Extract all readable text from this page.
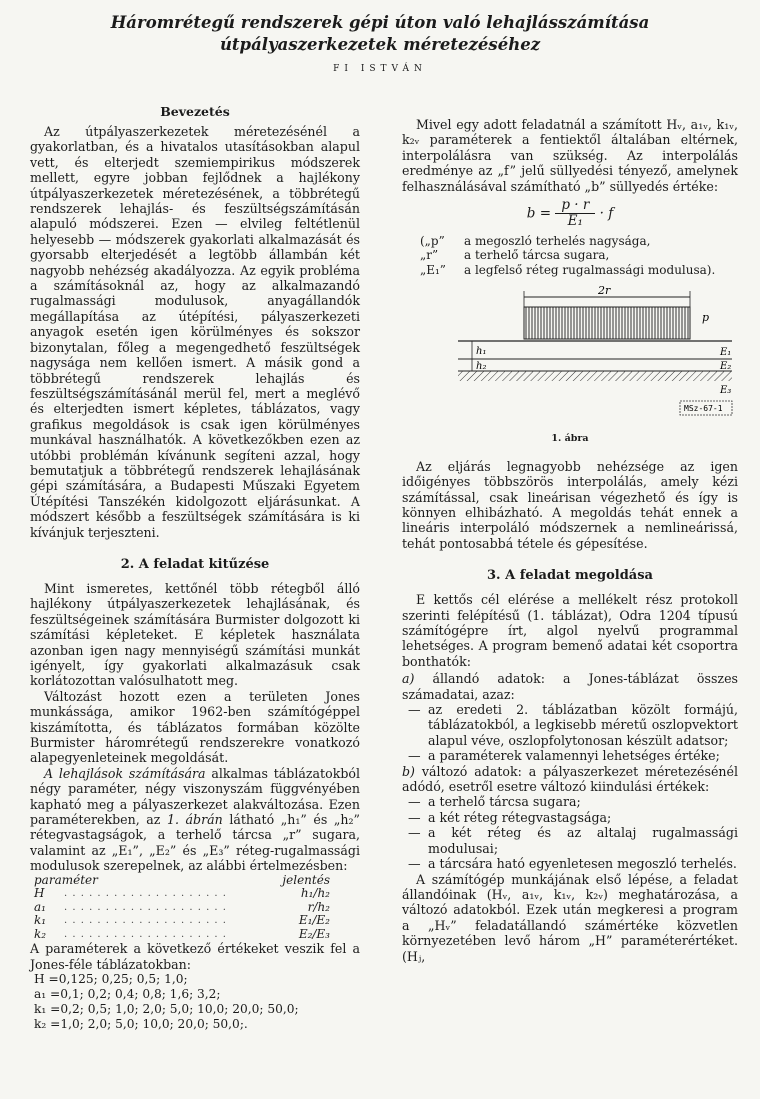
Háromrétegű rendszerek gépi úton való lehajlásszámítása
útpályaszerkezetek méretezéséhez
FI ISTVÁN
Bevezetés

Az útpályaszerkezetek méretezésénél a gyakorlatban, és a hivatalos utasításokban alapul vett, és elterjedt szemiempirikus módszerek mellett, egyre jobban fejlődnek a hajlékony útpályaszerkezetek méretezésének, a többrétegű rendszerek lehajlás- és feszültségszámításán alapuló módszerei. Ezen — elvileg feltétlenül helyesebb — módszerek gyakorlati alkalmazását és gyorsabb elterjedését a legtöbb állambán két nagyobb nehézség akadályozza. Az egyik probléma a számításoknál az, hogy az alkalmazandó rugalmassági modulusok, anyagállandók megállapítása az útépítési, pályaszerkezeti anyagok esetén igen körülményes és sokszor bizonytalan, főleg a megengedhető feszültségek nagysága nem kellően ismert. A másik gond a többrétegű rendszerek lehajlás és feszültségszámításánál merül fel, mert a meglévő és elterjedten ismert képletes, táblázatos, vagy grafikus megoldások is csak igen körülményes munkával használhatók. A következőkben ezen az utóbbi problémán kívánunk segíteni azzal, hogy bemutatjuk a többrétegű rendszerek lehajlásának gépi számítására, a Budapesti Műszaki Egyetem Útépítési Tanszékén kidolgozott eljárásunkat. A módszert később a feszültségek számítására is ki kívánjuk terjeszteni.

2. A feladat kitűzése

Mint ismeretes, kettőnél több rétegből álló hajlékony útpályaszerkezetek lehajlásának, és feszültségeinek számítására Burmister dolgozott ki számítási képleteket. E képletek használata azonban igen nagy mennyiségű számítási munkát igényelt, így gyakorlati alkalmazásuk csak korlátozottan valósulhatott meg.

Változást hozott ezen a területen Jones munkássága, amikor 1962-ben számítógéppel kiszámította, és táblázatos formában közölte Burmister háromrétegű rendszerekre vonatkozó alapegyenleteinek megoldását.

A lehajlások számítására alkalmas táblázatokból négy paraméter, négy viszonyszám függvényében kapható meg a pályaszerkezet alakváltozása. Ezen paraméterekben, az 1. ábrán látható „h₁” és „h₂” rétegvastagságok, a terhelő tárcsa „r” sugara, valamint az „E₁”, „E₂” és „E₃” réteg-rugalmassági modulusok szerepelnek, az alábbi értelmezésben:

paraméter		jelentés
H	. . . . . . . . . . . . . . . . . . . .	h₁/h₂
a₁	. . . . . . . . . . . . . . . . . . . .	r/h₂
k₁	. . . . . . . . . . . . . . . . . . . .	E₁/E₂
k₂	. . . . . . . . . . . . . . . . . . . .	E₂/E₃

A paraméterek a következő értékeket veszik fel a Jones-féle táblázatokban:

H =0,125; 0,25; 0,5; 1,0;
a₁ =0,1; 0,2; 0,4; 0,8; 1,6; 3,2;
k₁ =0,2; 0,5; 1,0; 2,0; 5,0; 10,0; 20,0; 50,0;
k₂ =1,0; 2,0; 5,0; 10,0; 20,0; 50,0;.

Mivel egy adott feladatnál a számított Hᵥ, a₁ᵥ, k₁ᵥ, k₂ᵥ paraméterek a fentiektől általában eltérnek, interpolálásra van szükség. Az interpolálás eredménye az „f” jelű süllyedési tényező, amelynek felhasználásával számítható „b” süllyedés értéke:

$b = \frac{p \cdot r}{\text{E₁}} \cdot f$
(„p” a megoszló terhelés nagysága,
„r” a terhelő tárcsa sugara,
„E₁” a legfelső réteg rugalmassági modulusa).
2r
p
h₁
h₂
E₁
E₂
E₃
MSz-67-1
1. ábra

Az eljárás legnagyobb nehézsége az igen időigényes többszörös interpolálás, amely kézi számítással, csak lineárisan végezhető és így is könnyen elhibázható. A megoldás tehát ennek a lineáris interpoláló módszernek a nemlineárissá, tehát pontosabbá tétele és gépesítése.

3. A feladat megoldása

E kettős cél elérése a mellékelt rész protokoll szerinti felépítésű (1. táblázat), Odra 1204 típusú számítógépre írt, algol nyelvű programmal lehetséges. A program bemenő adatai két csoportra bonthatók:

a) állandó adatok: a Jones-táblázat összes számadatai, azaz:

— az eredeti 2. táblázatban közölt formájú, táblázatokból, a legkisebb méretű oszlopvektort alapul véve, oszlopfolytonosan készült adatsor;
— a paraméterek valamennyi lehetséges értéke;

b) változó adatok: a pályaszerkezet méretezésénél adódó, esetről esetre változó kiindulási értékek:

— a terhelő tárcsa sugara;
— a két réteg rétegvastagsága;
— a két réteg és az altalaj rugalmassági modulusai;
— a tárcsára ható egyenletesen megoszló terhelés.

A számítógép munkájának első lépése, a feladat állandóinak (Hᵥ, a₁ᵥ, k₁ᵥ, k₂ᵥ) meghatározása, a változó adatokból. Ezek után megkeresi a program a „Hᵥ” feladatállandó számértéke közvetlen környezetében levő három „H” paraméterértéket. (Hⱼ,
